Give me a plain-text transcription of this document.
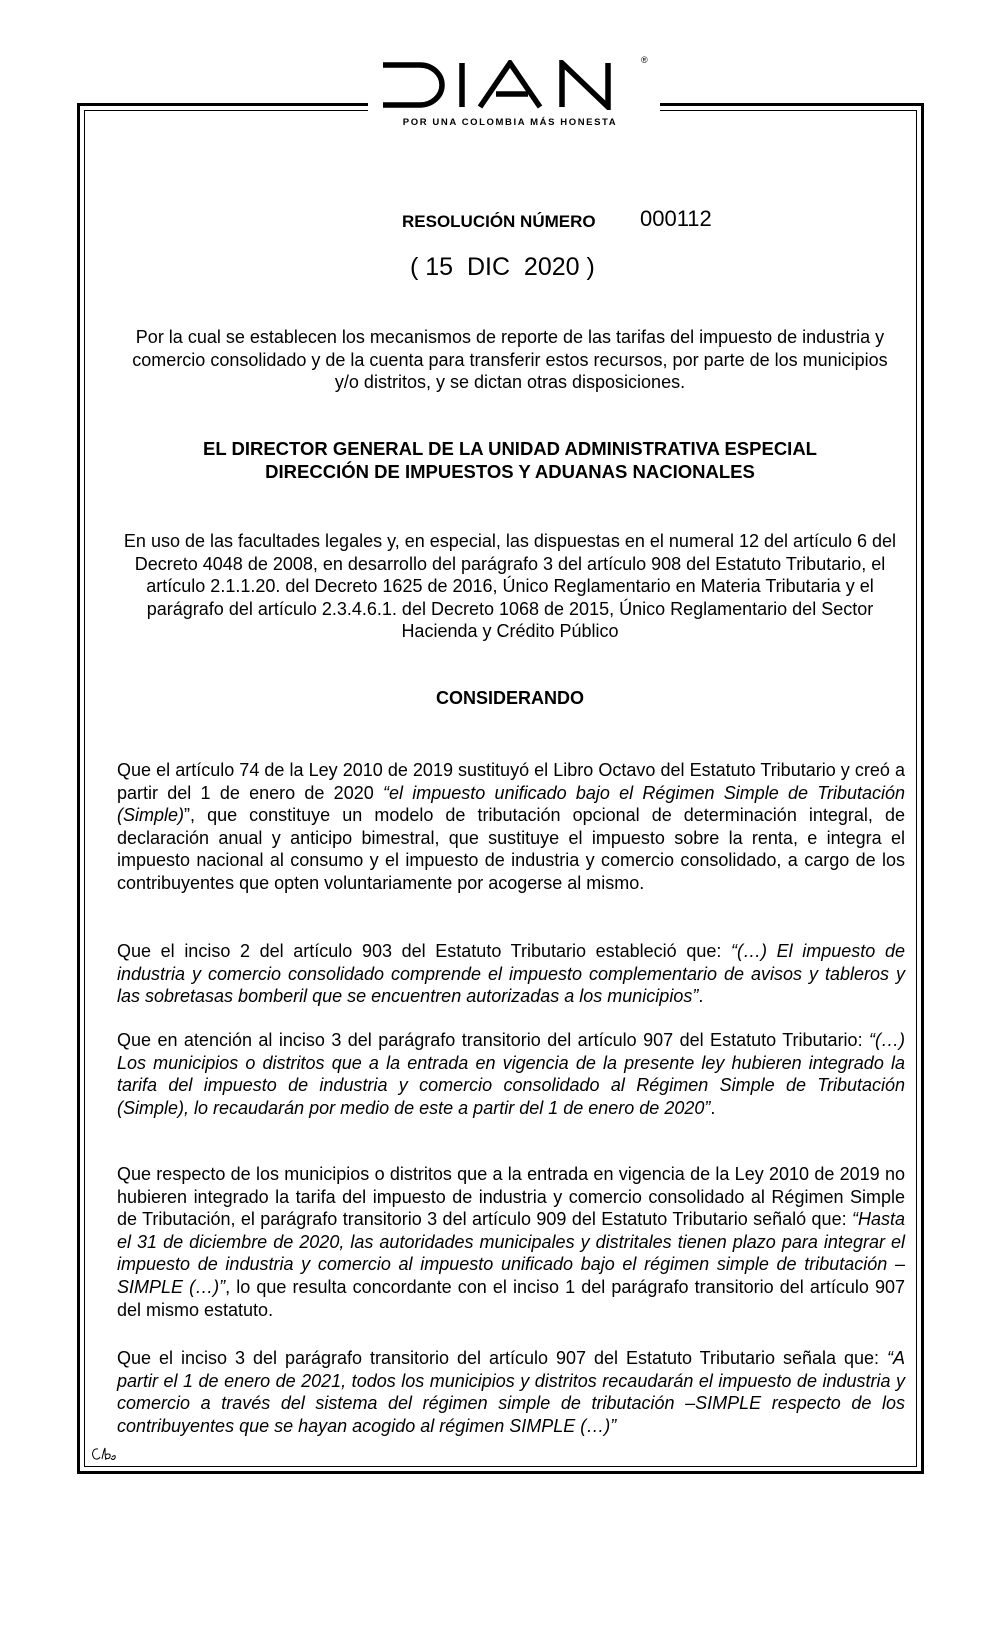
®
POR UNA COLOMBIA MÁS HONESTA
RESOLUCIÓN NÚMERO 000112
( 15  DIC  2020 )
Por la cual se establecen los mecanismos de reporte de las tarifas del impuesto de industria y comercio consolidado y de la cuenta para transferir estos recursos, por parte de los municipios y/o distritos, y se dictan otras disposiciones.
EL DIRECTOR GENERAL DE LA UNIDAD ADMINISTRATIVA ESPECIAL
DIRECCIÓN DE IMPUESTOS Y ADUANAS NACIONALES
En uso de las facultades legales y, en especial, las dispuestas en el numeral 12 del artículo 6 del Decreto 4048 de 2008, en desarrollo del parágrafo 3 del artículo 908 del Estatuto Tributario, el artículo 2.1.1.20. del Decreto 1625 de 2016, Único Reglamentario en Materia Tributaria y el parágrafo del artículo 2.3.4.6.1. del Decreto 1068 de 2015, Único Reglamentario del Sector Hacienda y Crédito Público
CONSIDERANDO
Que el artículo 74 de la Ley 2010 de 2019 sustituyó el Libro Octavo del Estatuto Tributario y creó a partir del 1 de enero de 2020 “el impuesto unificado bajo el Régimen Simple de Tributación (Simple)”, que constituye un modelo de tributación opcional de determinación integral, de declaración anual y anticipo bimestral, que sustituye el impuesto sobre la renta, e integra el impuesto nacional al consumo y el impuesto de industria y comercio consolidado, a cargo de los contribuyentes que opten voluntariamente por acogerse al mismo.
Que el inciso 2 del artículo 903 del Estatuto Tributario estableció que: “(…) El impuesto de industria y comercio consolidado comprende el impuesto complementario de avisos y tableros y las sobretasas bomberil que se encuentren autorizadas a los municipios”.
Que en atención al inciso 3 del parágrafo transitorio del artículo 907 del Estatuto Tributario: “(…) Los municipios o distritos que a la entrada en vigencia de la presente ley hubieren integrado la tarifa del impuesto de industria y comercio consolidado al Régimen Simple de Tributación (Simple), lo recaudarán por medio de este a partir del 1 de enero de 2020”.
Que respecto de los municipios o distritos que a la entrada en vigencia de la Ley 2010 de 2019 no hubieren integrado la tarifa del impuesto de industria y comercio consolidado al Régimen Simple de Tributación, el parágrafo transitorio 3 del artículo 909 del Estatuto Tributario señaló que: “Hasta el 31 de diciembre de 2020, las autoridades municipales y distritales tienen plazo para integrar el impuesto de industria y comercio al impuesto unificado bajo el régimen simple de tributación – SIMPLE (…)”, lo que resulta concordante con el inciso 1 del parágrafo transitorio del artículo 907 del mismo estatuto.
Que el inciso 3 del parágrafo transitorio del artículo 907 del Estatuto Tributario señala que: “A partir el 1 de enero de 2021, todos los municipios y distritos recaudarán el impuesto de industria y comercio a través del sistema del régimen simple de tributación –SIMPLE respecto de los contribuyentes que se hayan acogido al régimen SIMPLE (…)”
